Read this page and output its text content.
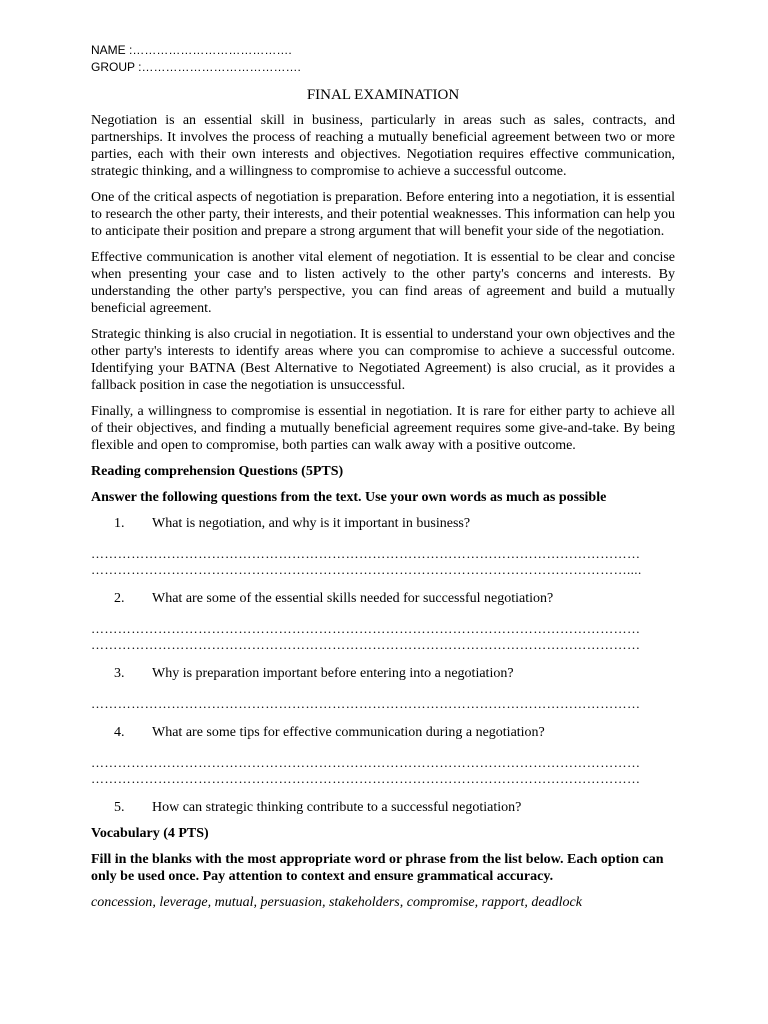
NAME :………………………………….
GROUP :………………………………….
FINAL EXAMINATION

Negotiation is an essential skill in business, particularly in areas such as sales, contracts, and partnerships. It involves the process of reaching a mutually beneficial agreement between two or more parties, each with their own interests and objectives. Negotiation requires effective communication, strategic thinking, and a willingness to compromise to achieve a successful outcome.

One of the critical aspects of negotiation is preparation. Before entering into a negotiation, it is essential to research the other party, their interests, and their potential weaknesses. This information can help you to anticipate their position and prepare a strong argument that will benefit your side of the negotiation.

Effective communication is another vital element of negotiation. It is essential to be clear and concise when presenting your case and to listen actively to the other party's concerns and interests. By understanding the other party's perspective, you can find areas of agreement and build a mutually beneficial agreement.

Strategic thinking is also crucial in negotiation. It is essential to understand your own objectives and the other party's interests to identify areas where you can compromise to achieve a successful outcome. Identifying your BATNA (Best Alternative to Negotiated Agreement) is also crucial, as it provides a fallback position in case the negotiation is unsuccessful.

Finally, a willingness to compromise is essential in negotiation. It is rare for either party to achieve all of their objectives, and finding a mutually beneficial agreement requires some give-and-take. By being flexible and open to compromise, both parties can walk away with a positive outcome.

Reading comprehension Questions (5PTS)
Answer the following questions from the text. Use your own words as much as possible
1.	What is negotiation, and why is it important in business?
……………………………………………………………………………………………………………
…………………………………………………………………………………………………………....
2.	What are some of the essential skills needed for successful negotiation?
……………………………………………………………………………………………………………
……………………………………………………………………………………………………………
3.	Why is preparation important before entering into a negotiation?
……………………………………………………………………………………………………………
4.	What are some tips for effective communication during a negotiation?
……………………………………………………………………………………………………………
……………………………………………………………………………………………………………
5.	How can strategic thinking contribute to a successful negotiation?
Vocabulary (4 PTS)
Fill in the blanks with the most appropriate word or phrase from the list below. Each option can only be used once. Pay attention to context and ensure grammatical accuracy.
concession, leverage, mutual, persuasion, stakeholders, compromise, rapport, deadlock
